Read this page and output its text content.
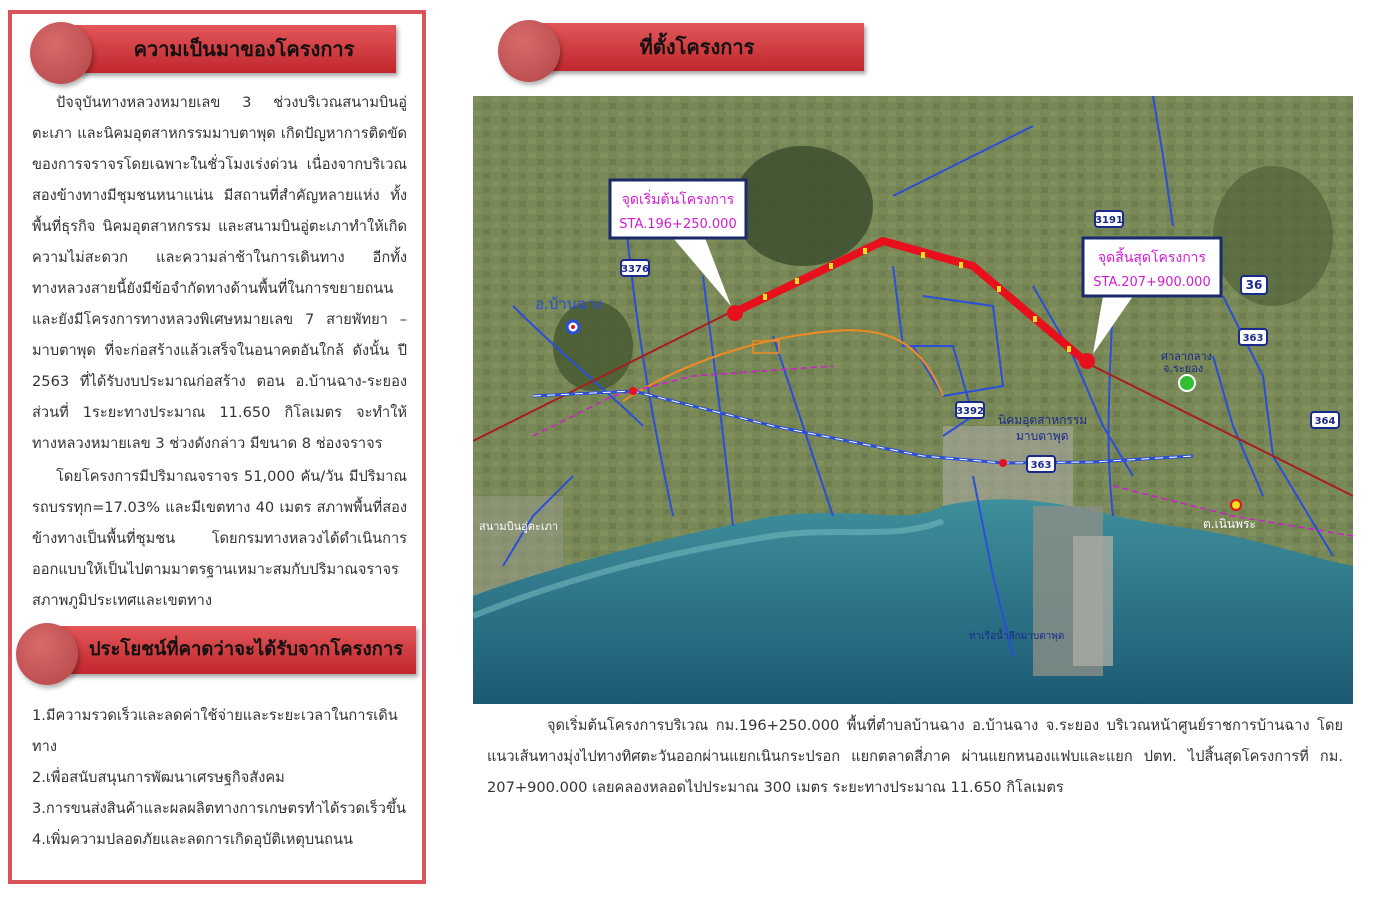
ความเป็นมาของโครงการ

ปัจจุบันทางหลวงหมายเลข 3 ช่วงบริเวณสนามบินอู่ตะเภา และนิคมอุตสาหกรรมมาบตาพุด เกิดปัญหาการติดขัดของการจราจรโดยเฉพาะในชั่วโมงเร่งด่วน เนื่องจากบริเวณสองข้างทางมีชุมชนหนาแน่น มีสถานที่สำคัญหลายแห่ง ทั้งพื้นที่ธุรกิจ นิคมอุตสาหกรรม และสนามบินอู่ตะเภาทำให้เกิดความไม่สะดวก และความล่าช้าในการเดินทาง อีกทั้งทางหลวงสายนี้ยังมีข้อจำกัดทางด้านพื้นที่ในการขยายถนน และยังมีโครงการทางหลวงพิเศษหมายเลข 7 สายพัทยา – มาบตาพุด ที่จะก่อสร้างแล้วเสร็จในอนาคตอันใกล้ ดังนั้น ปี 2563 ที่ได้รับงบประมาณก่อสร้าง ตอน อ.บ้านฉาง-ระยอง ส่วนที่ 1ระยะทางประมาณ 11.650 กิโลเมตร จะทำให้ทางหลวงหมายเลข 3 ช่วงดังกล่าว มีขนาด 8 ช่องจราจร

โดยโครงการมีปริมาณจราจร 51,000 คัน/วัน มีปริมาณรถบรรทุก=17.03% และมีเขตทาง 40 เมตร สภาพพื้นที่สองข้างทางเป็นพื้นที่ชุมชน โดยกรมทางหลวงได้ดำเนินการออกแบบให้เป็นไปตามมาตรฐานเหมาะสมกับปริมาณจราจรสภาพภูมิประเทศและเขตทาง

ประโยชน์ที่คาดว่าจะได้รับจากโครงการ
1.มีความรวดเร็วและลดค่าใช้จ่ายและระยะเวลาในการเดินทาง
2.เพื่อสนับสนุนการพัฒนาเศรษฐกิจสังคม
3.การขนส่งสินค้าและผลผลิตทางการเกษตรทำได้รวดเร็วขึ้น
4.เพิ่มความปลอดภัยและลดการเกิดอุบัติเหตุบนถนน
ที่ตั้งโครงการ
จุดเริ่มต้นโครงการ
STA.196+250.000
จุดสิ้นสุดโครงการ
STA.207+900.000
อ.บ้านฉาง
นิคมอุตสาหกรรม
มาบตาพุด
ศาลากลาง
จ.ระยอง
สนามบินอู่ตะเภา	ต.เนินพระ
ท่าเรือน้ำลึกมาบตาพุด
3376
3191
36
363
3392
363
364

จุดเริ่มต้นโครงการบริเวณ กม.196+250.000 พื้นที่ตำบลบ้านฉาง อ.บ้านฉาง จ.ระยอง บริเวณหน้าศูนย์ราชการบ้านฉาง โดยแนวเส้นทางมุ่งไปทางทิศตะวันออกผ่านแยกเนินกระปรอก แยกตลาดสี่ภาค ผ่านแยกหนองแฟบและแยก ปตท. ไปสิ้นสุดโครงการที่ กม. 207+900.000 เลยคลองหลอดไปประมาณ 300 เมตร ระยะทางประมาณ 11.650 กิโลเมตร
